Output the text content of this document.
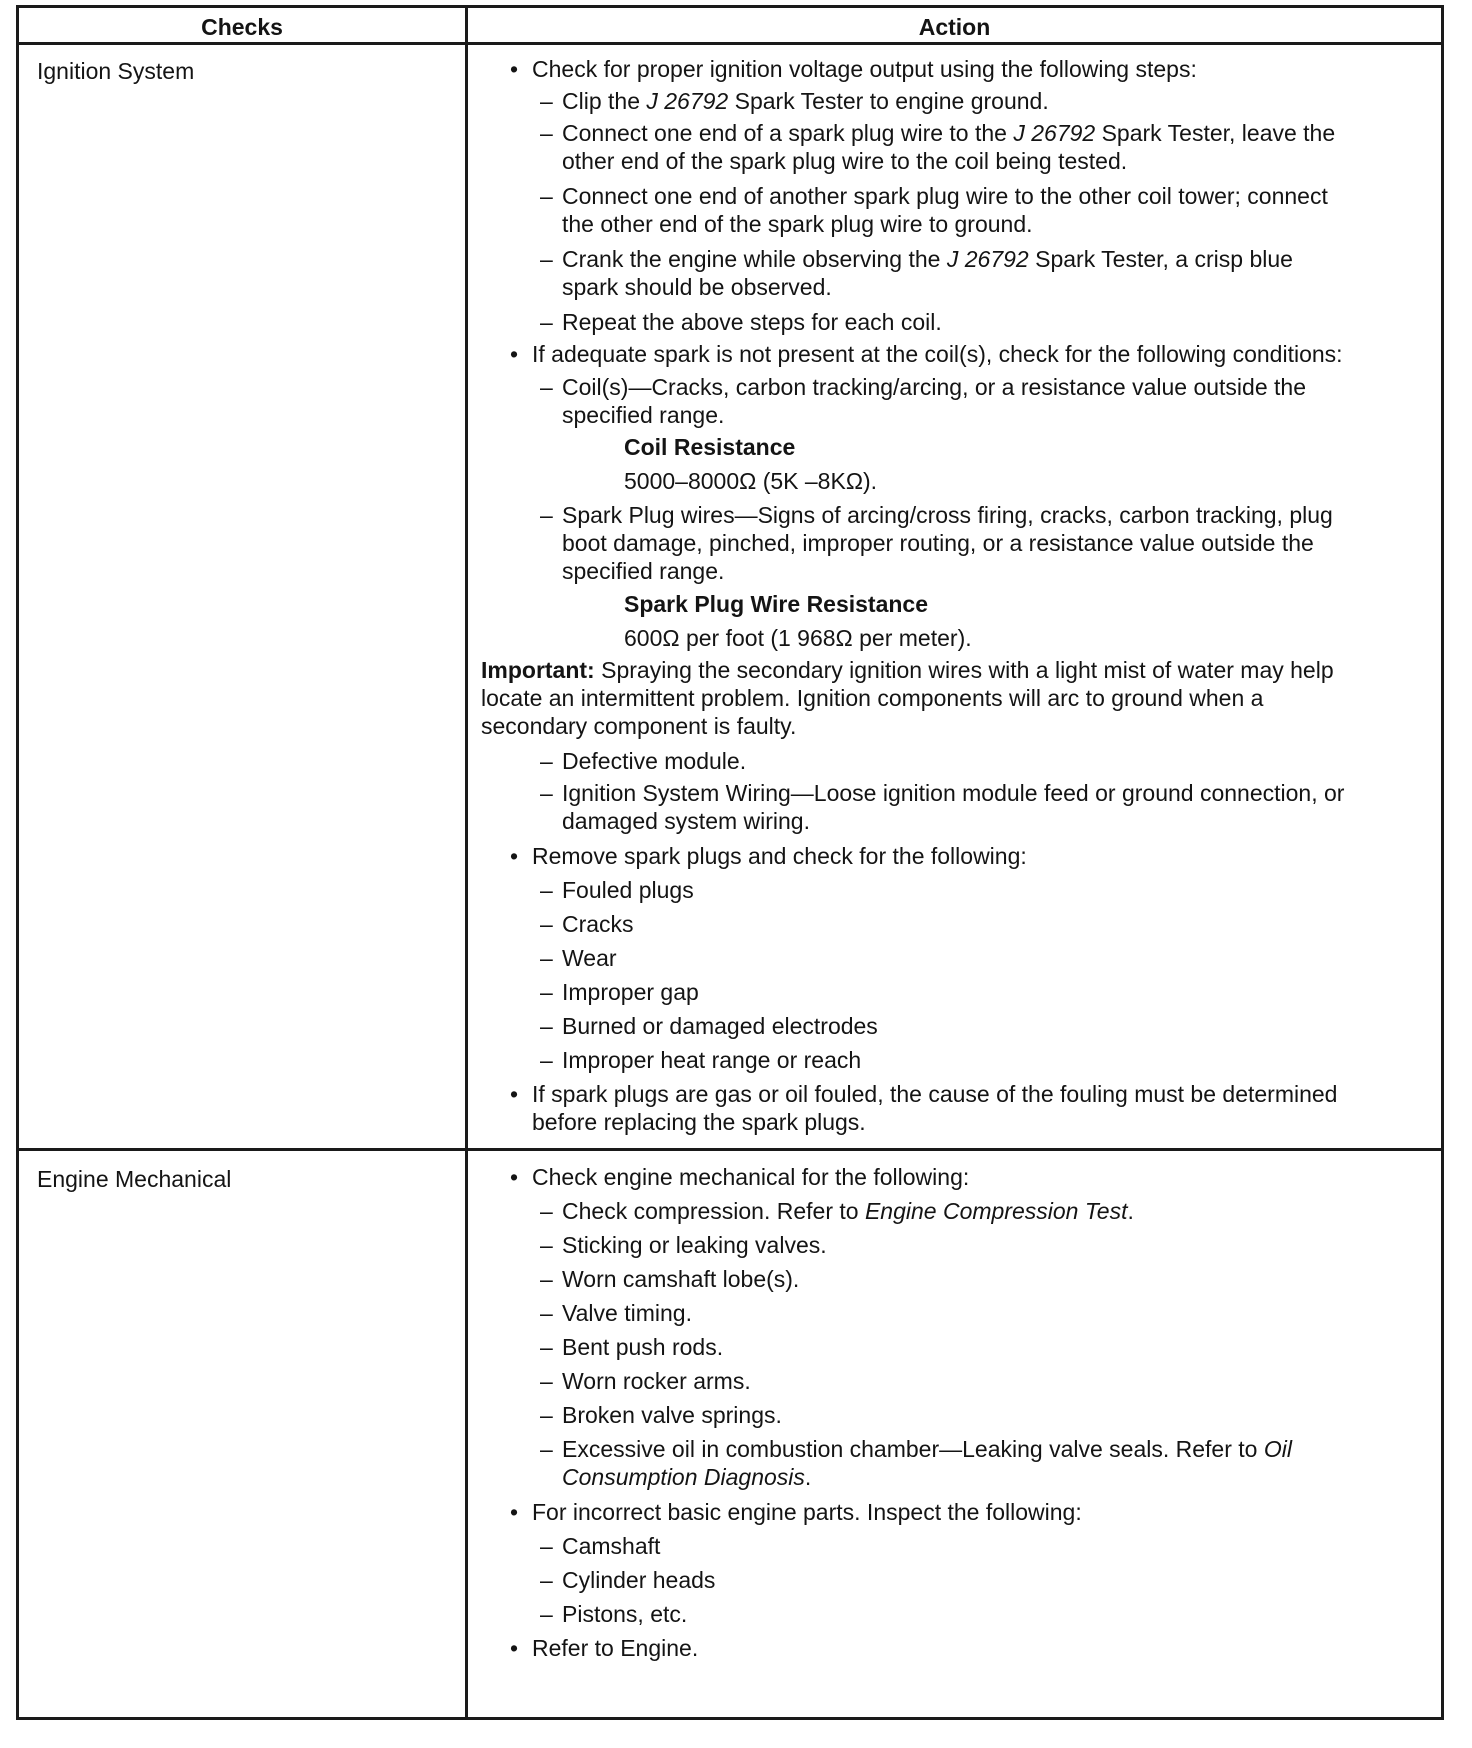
Checks	Action
Ignition System	• Check for proper ignition voltage output using the following steps:
– Clip the J 26792 Spark Tester to engine ground.
– Connect one end of a spark plug wire to the J 26792 Spark Tester, leave the
other end of the spark plug wire to the coil being tested.
– Connect one end of another spark plug wire to the other coil tower; connect
the other end of the spark plug wire to ground.
– Crank the engine while observing the J 26792 Spark Tester, a crisp blue
spark should be observed.
– Repeat the above steps for each coil.
• If adequate spark is not present at the coil(s), check for the following conditions:
– Coil(s)—Cracks, carbon tracking/arcing, or a resistance value outside the
specified range.
Coil Resistance
5000–8000Ω (5K –8KΩ).
– Spark Plug wires—Signs of arcing/cross firing, cracks, carbon tracking, plug
boot damage, pinched, improper routing, or a resistance value outside the
specified range.
Spark Plug Wire Resistance
600Ω per foot (1 968Ω per meter).
Important: Spraying the secondary ignition wires with a light mist of water may help
locate an intermittent problem. Ignition components will arc to ground when a
secondary component is faulty.
– Defective module.
– Ignition System Wiring—Loose ignition module feed or ground connection, or
damaged system wiring.
• Remove spark plugs and check for the following:
– Fouled plugs
– Cracks
– Wear
– Improper gap
– Burned or damaged electrodes
– Improper heat range or reach
• If spark plugs are gas or oil fouled, the cause of the fouling must be determined
before replacing the spark plugs.
Engine Mechanical	• Check engine mechanical for the following:
– Check compression. Refer to Engine Compression Test.
– Sticking or leaking valves.
– Worn camshaft lobe(s).
– Valve timing.
– Bent push rods.
– Worn rocker arms.
– Broken valve springs.
– Excessive oil in combustion chamber—Leaking valve seals. Refer to Oil
Consumption Diagnosis.
• For incorrect basic engine parts. Inspect the following:
– Camshaft
– Cylinder heads
– Pistons, etc.
• Refer to Engine.
